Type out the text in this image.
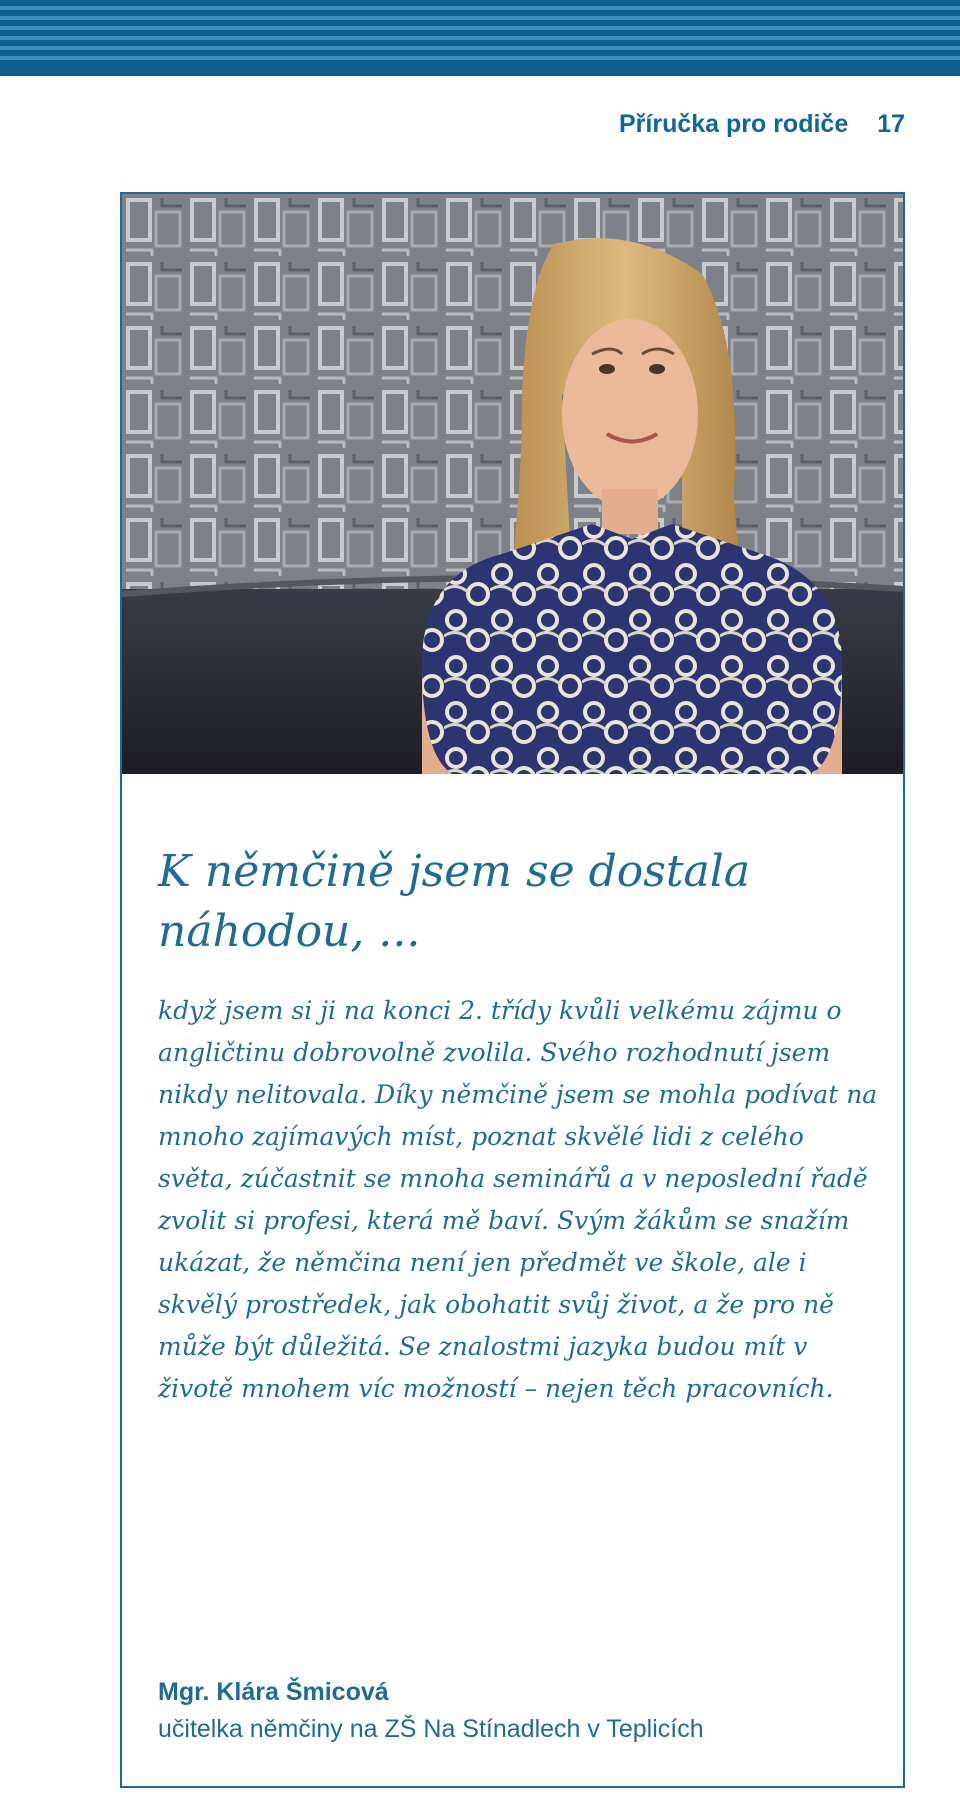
Příručka pro rodiče 17
K němčině jsem se dostala náhodou, ...

když jsem si ji na konci 2. třídy kvůli velkému zájmu o angličtinu dobrovolně zvolila. Svého rozhodnutí jsem nikdy nelitovala. Díky němčině jsem se mohla podívat na mnoho zajímavých míst, poznat skvělé lidi z celého světa, zúčastnit se mnoha seminářů a v neposlední řadě zvolit si profesi, která mě baví. Svým žákům se snažím ukázat, že němčina není jen předmět ve škole, ale i skvělý prostředek, jak obohatit svůj život, a že pro ně může být důležitá. Se znalostmi jazyka budou mít v životě mnohem víc možností – nejen těch pracovních.

Mgr. Klára Šmicová
učitelka němčiny na ZŠ Na Stínadlech v Teplicích
